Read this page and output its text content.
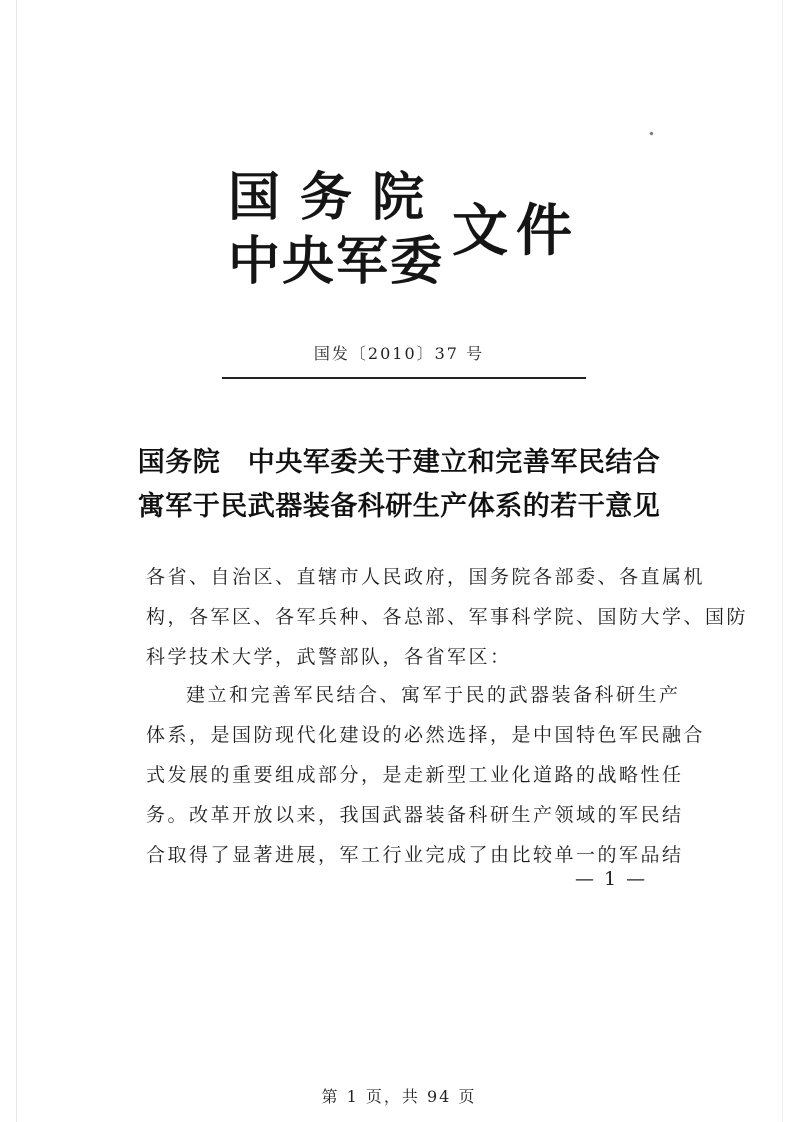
国务院
中央军委 文件
国发〔2010〕37 号
国务院　中央军委关于建立和完善军民结合
寓军于民武器装备科研生产体系的若干意见
各省、自治区、直辖市人民政府，国务院各部委、各直属机
构，各军区、各军兵种、各总部、军事科学院、国防大学、国防
科学技术大学，武警部队，各省军区：
建立和完善军民结合、寓军于民的武器装备科研生产
体系，是国防现代化建设的必然选择，是中国特色军民融合
式发展的重要组成部分，是走新型工业化道路的战略性任
务。改革开放以来，我国武器装备科研生产领域的军民结
合取得了显著进展，军工行业完成了由比较单一的军品结
— 1 —
第 1 页，共 94 页
